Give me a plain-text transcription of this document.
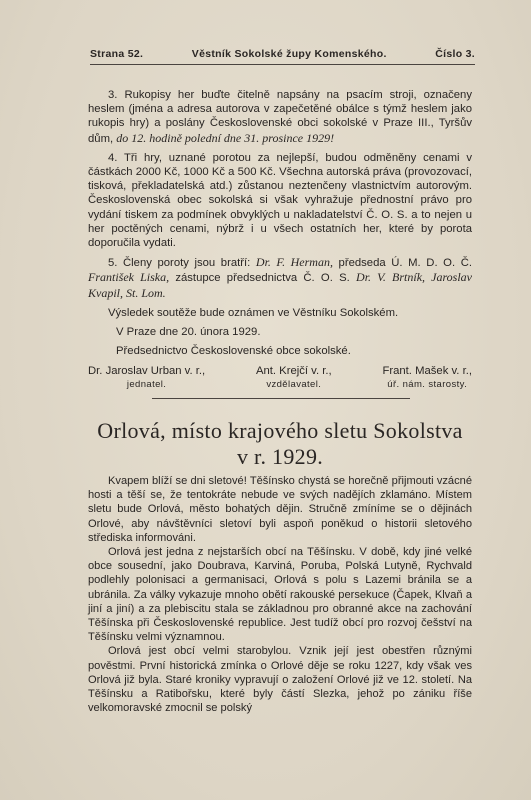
Strana 52.	Věstník Sokolské župy Komenského.	Číslo 3.

3. Rukopisy her buďte čitelně napsány na psacím stroji, označeny heslem (jména a adresa autorova v zapečetěné obálce s týmž heslem jako rukopis hry) a poslány Československé obci sokolské v Praze III., Tyršův dům, do 12. hodině polední dne 31. prosince 1929!

4. Tři hry, uznané porotou za nejlepší, budou odměněny cenami v částkách 2000 Kč, 1000 Kč a 500 Kč. Všechna autorská práva (provozovací, tisková, překladatelská atd.) zůstanou neztenčeny vlastnictvím autorovým. Československá obec sokolská si však vyhražuje přednostní právo pro vydání tiskem za podmínek obvyklých u nakladatelství Č. O. S. a to nejen u her poctěných cenami, nýbrž i u všech ostatních her, které by porota doporučila vydati.

5. Členy poroty jsou bratří: Dr. F. Herman, předseda Ú. M. D. O. Č. František Liska, zástupce předsednictva Č. O. S. Dr. V. Brtník, Jaroslav Kvapil, St. Lom.

Výsledek soutěže bude oznámen ve Věstníku Sokolském.

V Praze dne 20. února 1929.

Předsednictvo Československé obce sokolské.

Dr. Jaroslav Urban v. r.,
jednatel.
Ant. Krejčí v. r.,
vzdělavatel.
Frant. Mašek v. r.,
úř. nám. starosty.
Orlová, místo krajového sletu Sokolstva
v r. 1929.

Kvapem blíží se dni sletové! Těšínsko chystá se horečně přijmouti vzácné hosti a těší se, že tentokráte nebude ve svých nadějích zklamáno. Místem sletu bude Orlová, město bohatých dějin. Stručně zmíníme se o dějinách Orlové, aby návštěvníci sletoví byli aspoň poněkud o historii sletového střediska informováni.

Orlová jest jedna z nejstarších obcí na Těšínsku. V době, kdy jiné velké obce sousední, jako Doubrava, Karviná, Poruba, Polská Lutyně, Rychvald podlehly polonisaci a germanisaci, Orlová s polu s Lazemi bránila se a ubránila. Za války vykazuje mnoho obětí rakouské persekuce (Čapek, Klvaň a jiní a jiní) a za plebiscitu stala se základnou pro obranné akce na zachování Těšínska při Československé republice. Jest tudíž obcí pro rozvoj češství na Těšínsku velmi významnou.

Orlová jest obcí velmi starobylou. Vznik její jest obestřen různými pověstmi. První historická zmínka o Orlové děje se roku 1227, kdy však ves Orlová již byla. Staré kroniky vypravují o založení Orlové již ve 12. století. Na Těšínsku a Ratibořsku, které byly částí Slezka, jehož po zániku říše velkomoravské zmocnil se polský
